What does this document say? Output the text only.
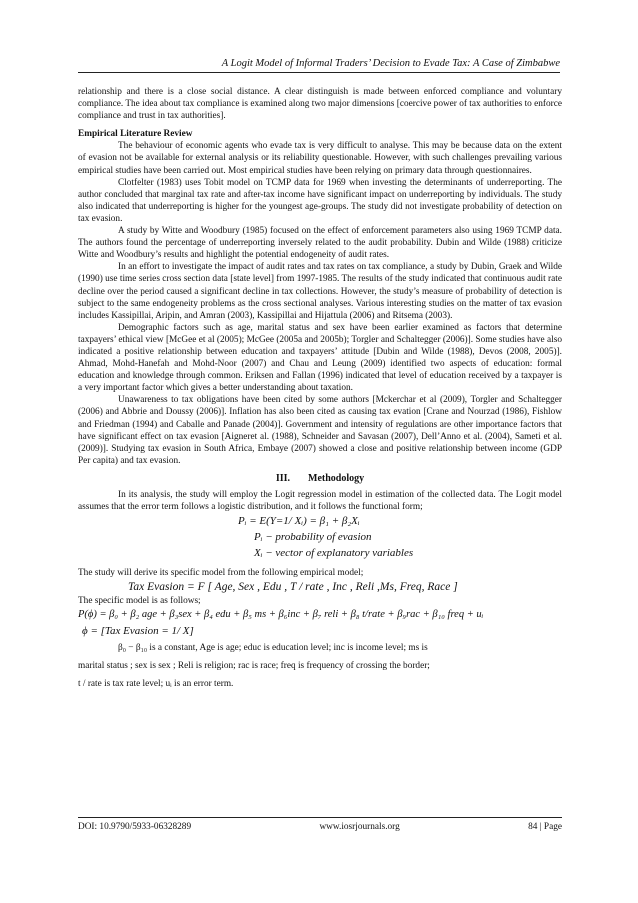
A Logit Model of Informal Traders’ Decision to Evade Tax: A Case of Zimbabwe

relationship and there is a close social distance. A clear distinguish is made between enforced compliance and voluntary compliance. The idea about tax compliance is examined along two major dimensions [coercive power of tax authorities to enforce compliance and trust in tax authorities].

Empirical Literature Review

The behaviour of economic agents who evade tax is very difficult to analyse. This may be because data on the extent of evasion not be available for external analysis or its reliability questionable. However, with such challenges prevailing various empirical studies have been carried out. Most empirical studies have been relying on primary data through questionnaires.

Clotfelter (1983) uses Tobit model on TCMP data for 1969 when investing the determinants of underreporting. The author concluded that marginal tax rate and after-tax income have significant impact on underreporting by individuals. The study also indicated that underreporting is higher for the youngest age-groups. The study did not investigate probability of detection on tax evasion.

A study by Witte and Woodbury (1985) focused on the effect of enforcement parameters also using 1969 TCMP data. The authors found the percentage of underreporting inversely related to the audit probability. Dubin and Wilde (1988) criticize Witte and Woodbury’s results and highlight the potential endogeneity of audit rates.

In an effort to investigate the impact of audit rates and tax rates on tax compliance, a study by Dubin, Graek and Wilde (1990) use time series cross section data [state level] from 1997-1985. The results of the study indicated that continuous audit rate decline over the period caused a significant decline in tax collections. However, the study’s measure of probability of detection is subject to the same endogeneity problems as the cross sectional analyses. Various interesting studies on the matter of tax evasion includes Kassipillai, Aripin, and Amran (2003), Kassipillai and Hijattula (2006) and Ritsema (2003).

Demographic factors such as age, marital status and sex have been earlier examined as factors that determine taxpayers’ ethical view [McGee et al (2005); McGee (2005a and 2005b); Torgler and Schaltegger (2006)]. Some studies have also indicated a positive relationship between education and taxpayers’ attitude [Dubin and Wilde (1988), Devos (2008, 2005)]. Ahmad, Mohd-Hanefah and Mohd-Noor (2007) and Chau and Leung (2009) identified two aspects of education: formal education and knowledge through common. Eriksen and Fallan (1996) indicated that level of education received by a taxpayer is a very important factor which gives a better understanding about taxation.

Unawareness to tax obligations have been cited by some authors [Mckerchar et al (2009), Torgler and Schaltegger (2006) and Abbrie and Doussy (2006)]. Inflation has also been cited as causing tax evation [Crane and Nourzad (1986), Fishlow and Friedman (1994) and Caballe and Panade (2004)]. Government and intensity of regulations are other importance factors that have significant effect on tax evasion [Aigneret al. (1988), Schneider and Savasan (2007), Dell’Anno et al. (2004), Sameti et al. (2009)]. Studying tax evasion in South Africa, Embaye (2007) showed a close and positive relationship between income (GDP Per capita) and tax evasion.

III. Methodology

In its analysis, the study will employ the Logit regression model in estimation of the collected data. The Logit model assumes that the error term follows a logistic distribution, and it follows the functional form;

Pᵢ = E(Y=1/ Xᵢ) = β₁ + β₂Xᵢ

Pᵢ − probability of evasion

Xᵢ − vector of explanatory variables

The study will derive its specific model from the following empirical model;

Tax Evasion = F [ Age, Sex , Edu , T / rate , Inc , Reli ,Ms, Freq, Race ]

The specific model is as follows;

P(ϕ) = β₀ + β₂ age + β₃sex + β₄ edu + β₅ ms + β₆inc + β₇ reli + β₈ t/rate + β₉rac + β₁₀ freq + uᵢ

ϕ = [Tax Evasion = 1/ X]

β₀ − β₁₀ is a constant, Age is age; educ is education level; inc is income level; ms is

marital status ; sex is sex ; Reli is religion; rac is race; freq is frequency of crossing the border;

t / rate is tax rate level; uᵢ is an error term.

DOI: 10.9790/5933-06328289	www.iosrjournals.org	84 | Page
